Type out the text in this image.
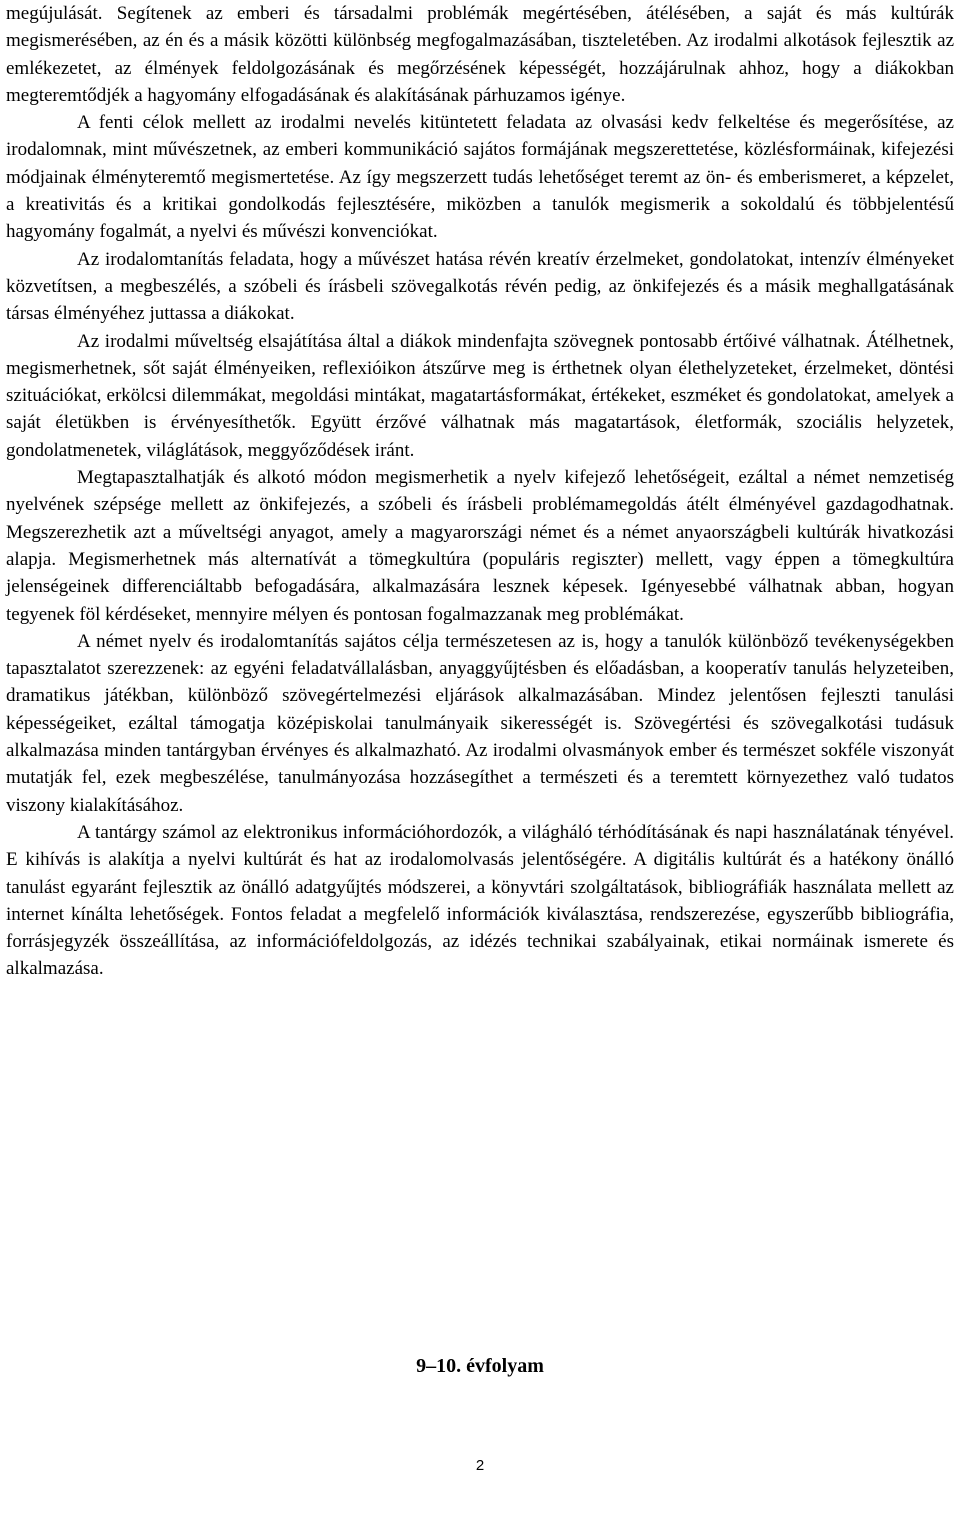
megújulását. Segítenek az emberi és társadalmi problémák megértésében, átélésében, a saját és más kultúrák megismerésében, az én és a másik közötti különbség megfogalmazásában, tiszteletében. Az irodalmi alkotások fejlesztik az emlékezetet, az élmények feldolgozásának és megőrzésének képességét, hozzájárulnak ahhoz, hogy a diákokban megteremtődjék a hagyomány elfogadásának és alakításának párhuzamos igénye.

A fenti célok mellett az irodalmi nevelés kitüntetett feladata az olvasási kedv felkeltése és megerősítése, az irodalomnak, mint művészetnek, az emberi kommunikáció sajátos formájának megszerettetése, közlésformáinak, kifejezési módjainak élményteremtő megismertetése. Az így megszerzett tudás lehetőséget teremt az ön- és emberismeret, a képzelet, a kreativitás és a kritikai gondolkodás fejlesztésére, miközben a tanulók megismerik a sokoldalú és többjelentésű hagyomány fogalmát, a nyelvi és művészi konvenciókat.

Az irodalomtanítás feladata, hogy a művészet hatása révén kreatív érzelmeket, gondolatokat, intenzív élményeket közvetítsen, a megbeszélés, a szóbeli és írásbeli szövegalkotás révén pedig, az önkifejezés és a másik meghallgatásának társas élményéhez juttassa a diákokat.

Az irodalmi műveltség elsajátítása által a diákok mindenfajta szövegnek pontosabb értőivé válhatnak. Átélhetnek, megismerhetnek, sőt saját élményeiken, reflexióikon átszűrve meg is érthetnek olyan élethelyzeteket, érzelmeket, döntési szituációkat, erkölcsi dilemmákat, megoldási mintákat, magatartásformákat, értékeket, eszméket és gondolatokat, amelyek a saját életükben is érvényesíthetők. Együtt érzővé válhatnak más magatartások, életformák, szociális helyzetek, gondolatmenetek, világlátások, meggyőződések iránt.

Megtapasztalhatják és alkotó módon megismerhetik a nyelv kifejező lehetőségeit, ezáltal a német nemzetiség nyelvének szépsége mellett az önkifejezés, a szóbeli és írásbeli problémamegoldás átélt élményével gazdagodhatnak. Megszerezhetik azt a műveltségi anyagot, amely a magyarországi német és a német anyaországbeli kultúrák hivatkozási alapja. Megismerhetnek más alternatívát a tömegkultúra (populáris regiszter) mellett, vagy éppen a tömegkultúra jelenségeinek differenciáltabb befogadására, alkalmazására lesznek képesek. Igényesebbé válhatnak abban, hogyan tegyenek föl kérdéseket, mennyire mélyen és pontosan fogalmazzanak meg problémákat.

A német nyelv és irodalomtanítás sajátos célja természetesen az is, hogy a tanulók különböző tevékenységekben tapasztalatot szerezzenek: az egyéni feladatvállalásban, anyaggyűjtésben és előadásban, a kooperatív tanulás helyzeteiben, dramatikus játékban, különböző szövegértelmezési eljárások alkalmazásában. Mindez jelentősen fejleszti tanulási képességeiket, ezáltal támogatja középiskolai tanulmányaik sikerességét is. Szövegértési és szövegalkotási tudásuk alkalmazása minden tantárgyban érvényes és alkalmazható. Az irodalmi olvasmányok ember és természet sokféle viszonyát mutatják fel, ezek megbeszélése, tanulmányozása hozzásegíthet a természeti és a teremtett környezethez való tudatos viszony kialakításához.

A tantárgy számol az elektronikus információhordozók, a világháló térhódításának és napi használatának tényével. E kihívás is alakítja a nyelvi kultúrát és hat az irodalomolvasás jelentőségére. A digitális kultúrát és a hatékony önálló tanulást egyaránt fejlesztik az önálló adatgyűjtés módszerei, a könyvtári szolgáltatások, bibliográfiák használata mellett az internet kínálta lehetőségek. Fontos feladat a megfelelő információk kiválasztása, rendszerezése, egyszerűbb bibliográfia, forrásjegyzék összeállítása, az információfeldolgozás, az idézés technikai szabályainak, etikai normáinak ismerete és alkalmazása.

9–10. évfolyam
2
